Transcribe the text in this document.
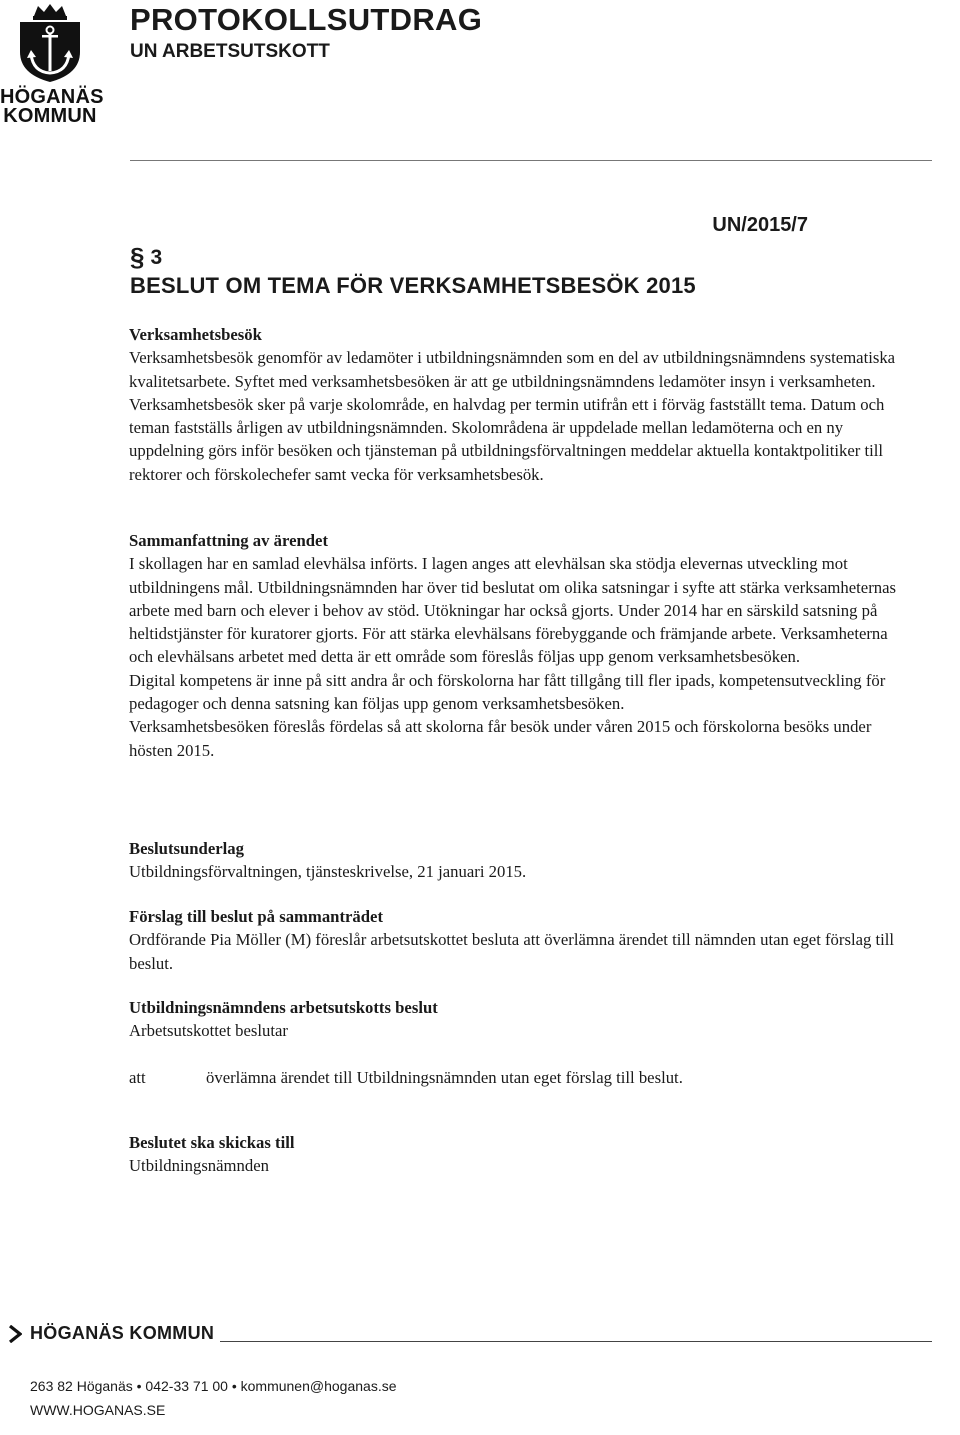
HÖGANÄS
KOMMUN
PROTOKOLLSUTDRAG
UN ARBETSUTSKOTT
UN/2015/7
§ 3
BESLUT OM TEMA FÖR VERKSAMHETSBESÖK 2015
Verksamhetsbesök

Verksamhetsbesök genomför av ledamöter i utbildningsnämnden som en del av utbildningsnämndens systematiska kvalitetsarbete. Syftet med verksamhetsbesöken är att ge utbildningsnämndens ledamöter insyn i verksamheten. Verksamhetsbesök sker på varje skolområde, en halvdag per termin utifrån ett i förväg fastställt tema. Datum och teman fastställs årligen av utbildningsnämnden. Skolområdena är uppdelade mellan ledamöterna och en ny uppdelning görs inför besöken och tjänsteman på utbildningsförvaltningen meddelar aktuella kontaktpolitiker till rektorer och förskolechefer samt vecka för verksamhetsbesök.

Sammanfattning av ärendet

I skollagen har en samlad elevhälsa införts. I lagen anges att elevhälsan ska stödja elevernas utveckling mot utbildningens mål. Utbildningsnämnden har över tid beslutat om olika satsningar i syfte att stärka verksamheternas arbete med barn och elever i behov av stöd. Utökningar har också gjorts. Under 2014 har en särskild satsning på heltidstjänster för kuratorer gjorts. För att stärka elevhälsans förebyggande och främjande arbete. Verksamheterna och elevhälsans arbetet med detta är ett område som föreslås följas upp genom verksamhetsbesöken.

Digital kompetens är inne på sitt andra år och förskolorna har fått tillgång till fler ipads, kompetensutveckling för pedagoger och denna satsning kan följas upp genom verksamhetsbesöken.

Verksamhetsbesöken föreslås fördelas så att skolorna får besök under våren 2015 och förskolorna besöks under hösten 2015.

Beslutsunderlag

Utbildningsförvaltningen, tjänsteskrivelse, 21 januari 2015.

Förslag till beslut på sammanträdet

Ordförande Pia Möller (M) föreslår arbetsutskottet besluta att överlämna ärendet till nämnden utan eget förslag till beslut.

Utbildningsnämndens arbetsutskotts beslut

Arbetsutskottet beslutar

att	överlämna ärendet till Utbildningsnämnden utan eget förslag till beslut.
Beslutet ska skickas till

Utbildningsnämnden

HÖGANÄS KOMMUN
263 82 Höganäs • 042-33 71 00 • kommunen@hoganas.se
WWW.HOGANAS.SE
